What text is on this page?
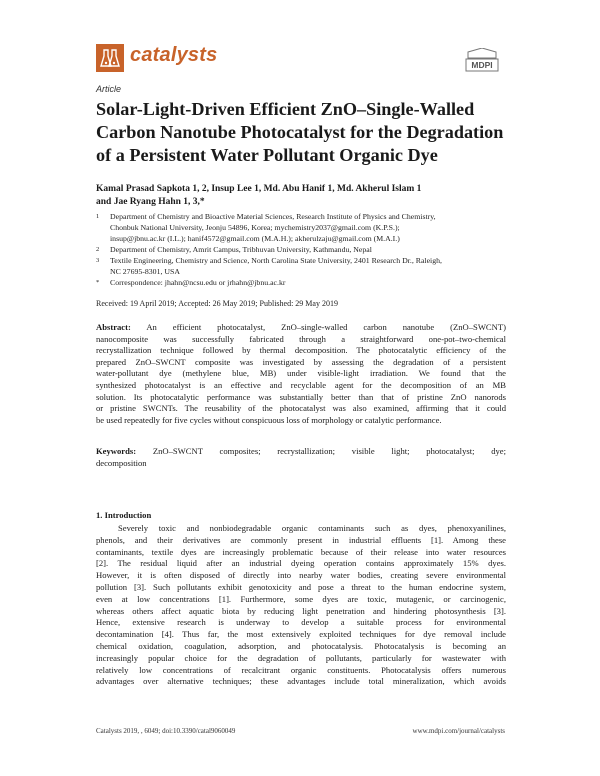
catalysts	MDPI
Article
Solar-Light-Driven Efficient ZnO–Single-Walled
Carbon Nanotube Photocatalyst for the Degradation
of a Persistent Water Pollutant Organic Dye
Kamal Prasad Sapkota 1, 2, Insup Lee 1, Md. Abu Hanif 1, Md. Akherul Islam 1
and Jae Ryang Hahn 1, 3,*
1 Department of Chemistry and Bioactive Material Sciences, Research Institute of Physics and Chemistry,
Chonbuk National University, Jeonju 54896, Korea; mychemistry2037@gmail.com (K.P.S.);
insup@jbnu.ac.kr (I.L.); hanif4572@gmail.com (M.A.H.); akherulzaju@gmail.com (M.A.I.)
2 Department of Chemistry, Amrit Campus, Tribhuvan University, Kathmandu, Nepal
3 Textile Engineering, Chemistry and Science, North Carolina State University, 2401 Research Dr., Raleigh,
NC 27695-8301, USA
* Correspondence: jhahn@ncsu.edu or jrhahn@jbnu.ac.kr
Received: 19 April 2019; Accepted: 26 May 2019; Published: 29 May 2019
Abstract: An efficient photocatalyst, ZnO–single-walled carbon nanotube (ZnO–SWCNT)
nanocomposite was successfully fabricated through a straightforward one-pot–two-chemical
recrystallization technique followed by thermal decomposition. The photocatalytic efficiency of the
prepared ZnO–SWCNT composite was investigated by assessing the degradation of a persistent
water-pollutant dye (methylene blue, MB) under visible-light irradiation. We found that the
synthesized photocatalyst is an effective and recyclable agent for the decomposition of an MB
solution. Its photocatalytic performance was substantially better than that of pristine ZnO nanorods
or pristine SWCNTs. The reusability of the photocatalyst was also examined, affirming that it could
be used repeatedly for five cycles without conspicuous loss of morphology or catalytic performance.
Keywords: ZnO–SWCNT composites; recrystallization; visible light; photocatalyst; dye;
decomposition
1. Introduction
Severely toxic and nonbiodegradable organic contaminants such as dyes, phenoxyanilines,
phenols, and their derivatives are commonly present in industrial effluents [1]. Among these
contaminants, textile dyes are increasingly problematic because of their release into water resources
[2]. The residual liquid after an industrial dyeing operation contains approximately 15% dyes.
However, it is often disposed of directly into nearby water bodies, creating severe environmental
pollution [3]. Such pollutants exhibit genotoxicity and pose a threat to the human endocrine system,
even at low concentrations [1]. Furthermore, some dyes are toxic, mutagenic, or carcinogenic,
whereas others affect aquatic biota by reducing light penetration and hindering photosynthesis [3].
Hence, extensive research is underway to develop a suitable process for environmental
decontamination [4]. Thus far, the most extensively exploited techniques for dye removal include
chemical oxidation, coagulation, adsorption, and photocatalysis. Photocatalysis is becoming an
increasingly popular choice for the degradation of pollutants, particularly for wastewater with
relatively low concentrations of recalcitrant organic constituents. Photocatalysis offers numerous
advantages over alternative techniques; these advantages include total mineralization, which avoids
Catalysts 2019, , 6049; doi:10.3390/catal9060049	www.mdpi.com/journal/catalysts
